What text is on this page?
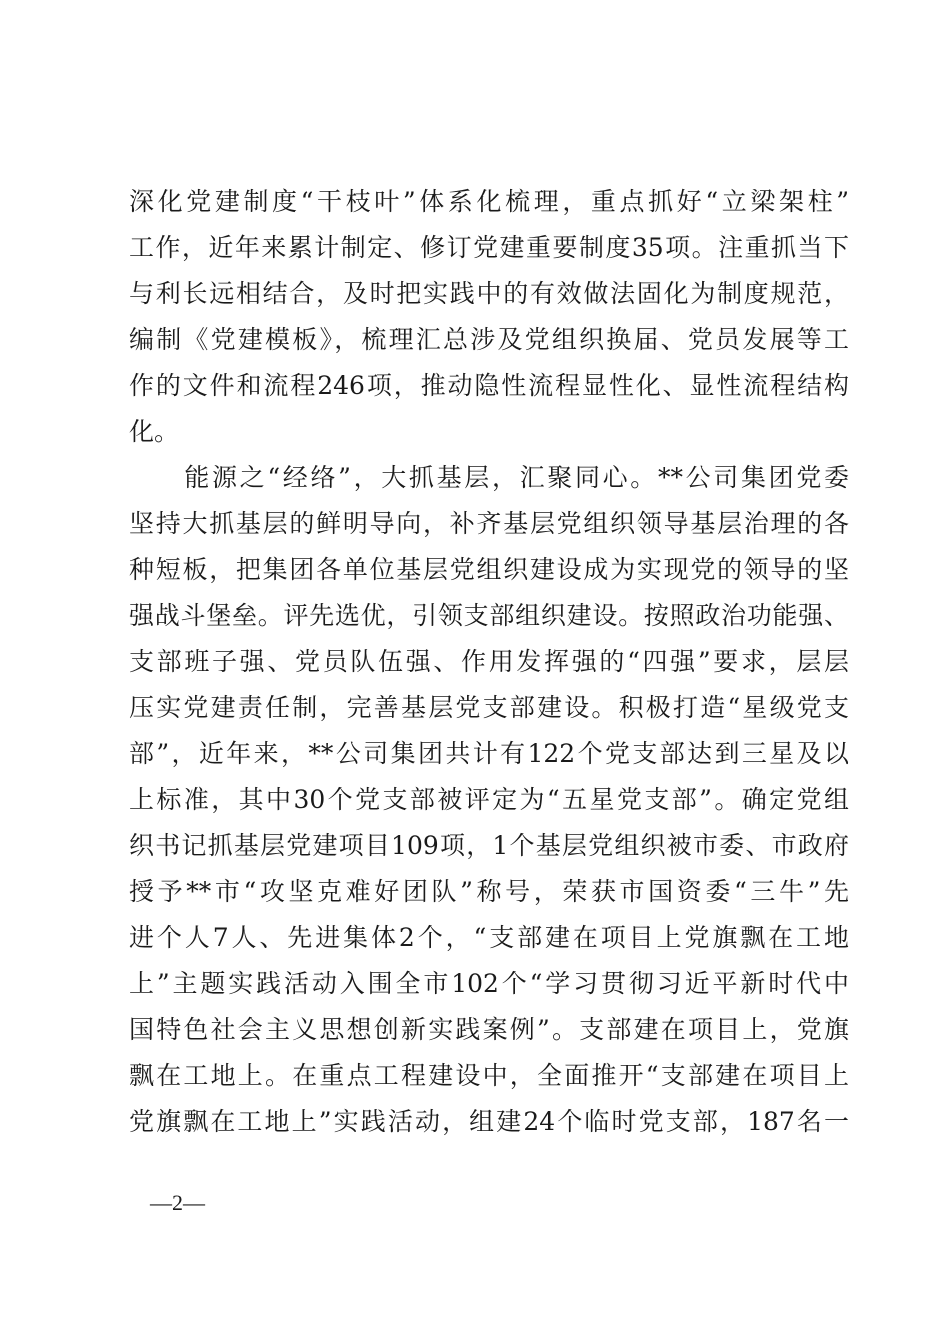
深化党建制度“干枝叶”体系化梳理，重点抓好“立梁架柱”
工作，近年来累计制定、修订党建重要制度35项。注重抓当下
与利长远相结合，及时把实践中的有效做法固化为制度规范，
编制《党建模板》，梳理汇总涉及党组织换届、党员发展等工
作的文件和流程246项，推动隐性流程显性化、显性流程结构
化。
　　能源之“经络”，大抓基层，汇聚同心。**公司集团党委
坚持大抓基层的鲜明导向，补齐基层党组织领导基层治理的各
种短板，把集团各单位基层党组织建设成为实现党的领导的坚
强战斗堡垒。评先选优，引领支部组织建设。按照政治功能强、
支部班子强、党员队伍强、作用发挥强的“四强”要求，层层
压实党建责任制，完善基层党支部建设。积极打造“星级党支
部”，近年来，**公司集团共计有122个党支部达到三星及以
上标准，其中30个党支部被评定为“五星党支部”。确定党组
织书记抓基层党建项目109项，1个基层党组织被市委、市政府
授予**市“攻坚克难好团队”称号，荣获市国资委“三牛”先
进个人7人、先进集体2个，“支部建在项目上党旗飘在工地
上”主题实践活动入围全市102个“学习贯彻习近平新时代中
国特色社会主义思想创新实践案例”。支部建在项目上，党旗
飘在工地上。在重点工程建设中，全面推开“支部建在项目上
党旗飘在工地上”实践活动，组建24个临时党支部，187名一
—2—
